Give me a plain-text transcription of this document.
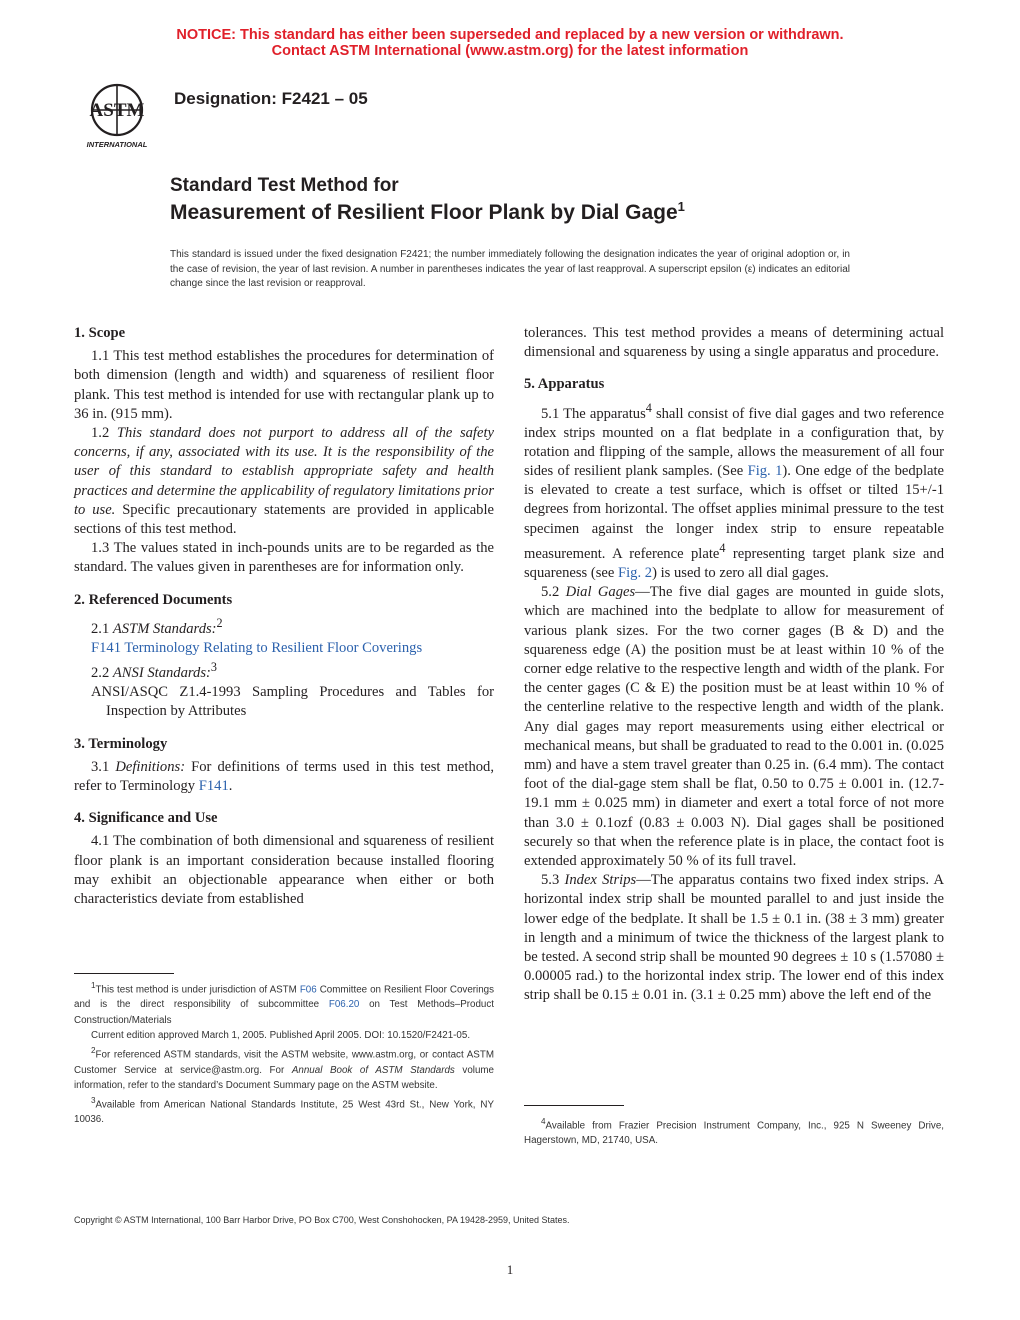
NOTICE: This standard has either been superseded and replaced by a new version or withdrawn.
Contact ASTM International (www.astm.org) for the latest information
ASTM
INTERNATIONAL
Designation: F2421 – 05
Standard Test Method for
Measurement of Resilient Floor Plank by Dial Gage$^1$
This standard is issued under the fixed designation F2421; the number immediately following the designation indicates the year of original adoption or, in the case of revision, the year of last revision. A number in parentheses indicates the year of last reapproval. A superscript epsilon (ε) indicates an editorial change since the last revision or reapproval.
1. Scope

1.1 This test method establishes the procedures for determination of both dimension (length and width) and squareness of resilient floor plank. This test method is intended for use with rectangular plank up to 36 in. (915 mm).

1.2 This standard does not purport to address all of the safety concerns, if any, associated with its use. It is the responsibility of the user of this standard to establish appropriate safety and health practices and determine the applicability of regulatory limitations prior to use. Specific precautionary statements are provided in applicable sections of this test method.

1.3 The values stated in inch-pounds units are to be regarded as the standard. The values given in parentheses are for information only.

2. Referenced Documents

2.1 ASTM Standards:$^2$

F141 Terminology Relating to Resilient Floor Coverings

2.2 ANSI Standards:$^3$

ANSI/ASQC Z1.4-1993 Sampling Procedures and Tables for Inspection by Attributes

3. Terminology

3.1 Definitions: For definitions of terms used in this test method, refer to Terminology F141.

4. Significance and Use

4.1 The combination of both dimensional and squareness of resilient floor plank is an important consideration because installed flooring may exhibit an objectionable appearance when either or both characteristics deviate from established

$^1$This test method is under jurisdiction of ASTM F06 Committee on Resilient Floor Coverings and is the direct responsibility of subcommittee F06.20 on Test Methods–Product Construction/Materials

Current edition approved March 1, 2005. Published April 2005. DOI: 10.1520/F2421-05.

$^2$For referenced ASTM standards, visit the ASTM website, www.astm.org, or contact ASTM Customer Service at service@astm.org. For Annual Book of ASTM Standards volume information, refer to the standard’s Document Summary page on the ASTM website.

$^3$Available from American National Standards Institute, 25 West 43rd St., New York, NY 10036.

tolerances. This test method provides a means of determining actual dimensional and squareness by using a single apparatus and procedure.

5. Apparatus

5.1 The apparatus$^4$ shall consist of five dial gages and two reference index strips mounted on a flat bedplate in a configuration that, by rotation and flipping of the sample, allows the measurement of all four sides of resilient plank samples. (See Fig. 1). One edge of the bedplate is elevated to create a test surface, which is offset or tilted 15+/-1 degrees from horizontal. The offset applies minimal pressure to the test specimen against the longer index strip to ensure repeatable measurement. A reference plate$^4$ representing target plank size and squareness (see Fig. 2) is used to zero all dial gages.

5.2 Dial Gages—The five dial gages are mounted in guide slots, which are machined into the bedplate to allow for measurement of various plank sizes. For the two corner gages (B & D) and the squareness edge (A) the position must be at least within 10 % of the corner edge relative to the respective length and width of the plank. For the center gages (C & E) the position must be at least within 10 % of the centerline relative to the respective length and width of the plank. Any dial gages may report measurements using either electrical or mechanical means, but shall be graduated to read to the 0.001 in. (0.025 mm) and have a stem travel greater than 0.25 in. (6.4 mm). The contact foot of the dial-gage stem shall be flat, 0.50 to 0.75 ± 0.001 in. (12.7-19.1 mm ± 0.025 mm) in diameter and exert a total force of not more than 3.0 ± 0.1ozf (0.83 ± 0.003 N). Dial gages shall be positioned securely so that when the reference plate is in place, the contact foot is extended approximately 50 % of its full travel.

5.3 Index Strips—The apparatus contains two fixed index strips. A horizontal index strip shall be mounted parallel to and just inside the lower edge of the bedplate. It shall be 1.5 ± 0.1 in. (38 ± 3 mm) greater in length and a minimum of twice the thickness of the largest plank to be tested. A second strip shall be mounted 90 degrees ± 10 s (1.57080 ± 0.00005 rad.) to the horizontal index strip. The lower end of this index strip shall be 0.15 ± 0.01 in. (3.1 ± 0.25 mm) above the left end of the

$^4$Available from Frazier Precision Instrument Company, Inc., 925 N Sweeney Drive, Hagerstown, MD, 21740, USA.

Copyright © ASTM International, 100 Barr Harbor Drive, PO Box C700, West Conshohocken, PA 19428-2959, United States.
1
